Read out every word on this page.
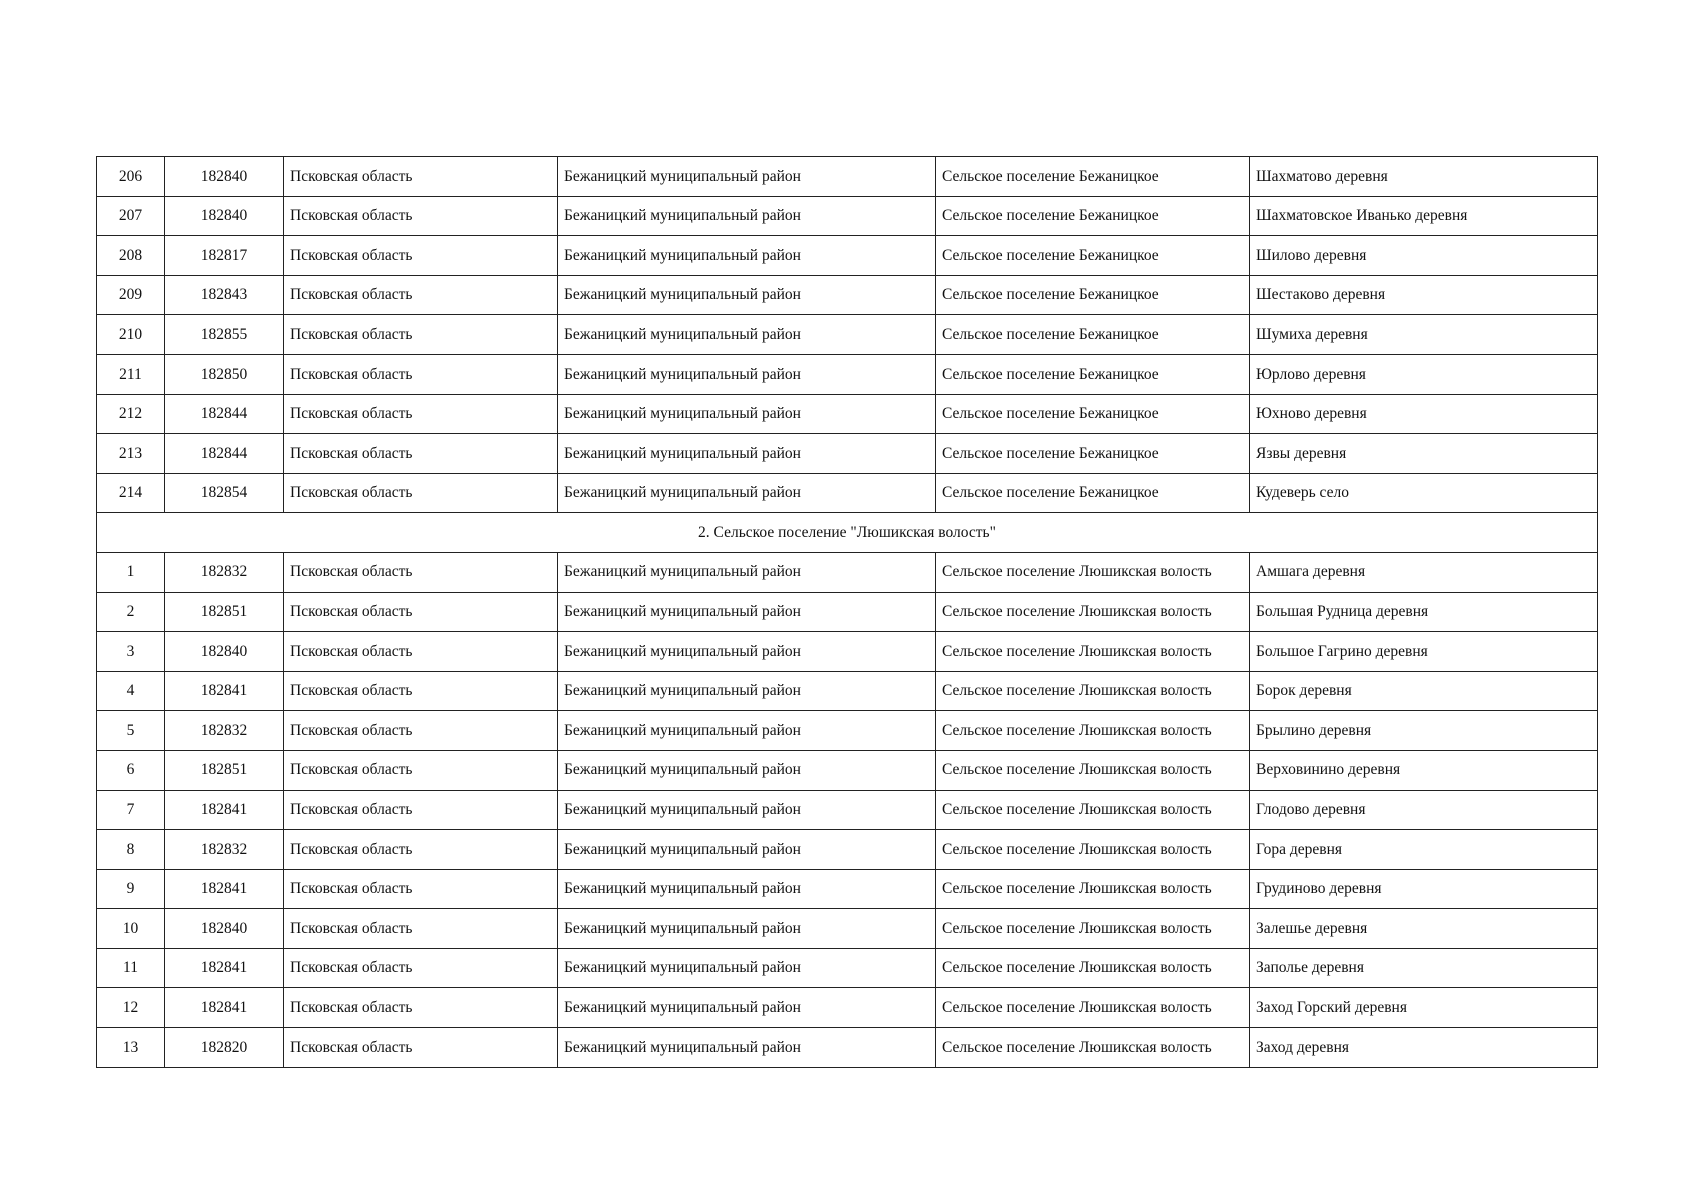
206	182840	Псковская область	Бежаницкий муниципальный район	Сельское поселение Бежаницкое	Шахматово деревня
207	182840	Псковская область	Бежаницкий муниципальный район	Сельское поселение Бежаницкое	Шахматовское Иванько деревня
208	182817	Псковская область	Бежаницкий муниципальный район	Сельское поселение Бежаницкое	Шилово деревня
209	182843	Псковская область	Бежаницкий муниципальный район	Сельское поселение Бежаницкое	Шестаково деревня
210	182855	Псковская область	Бежаницкий муниципальный район	Сельское поселение Бежаницкое	Шумиха деревня
211	182850	Псковская область	Бежаницкий муниципальный район	Сельское поселение Бежаницкое	Юрлово деревня
212	182844	Псковская область	Бежаницкий муниципальный район	Сельское поселение Бежаницкое	Юхново деревня
213	182844	Псковская область	Бежаницкий муниципальный район	Сельское поселение Бежаницкое	Язвы деревня
214	182854	Псковская область	Бежаницкий муниципальный район	Сельское поселение Бежаницкое	Кудеверь село
2. Сельское поселение "Люшикская волость"					
1	182832	Псковская область	Бежаницкий муниципальный район	Сельское поселение Люшикская волость	Амшага деревня
2	182851	Псковская область	Бежаницкий муниципальный район	Сельское поселение Люшикская волость	Большая Рудница деревня
3	182840	Псковская область	Бежаницкий муниципальный район	Сельское поселение Люшикская волость	Большое Гагрино деревня
4	182841	Псковская область	Бежаницкий муниципальный район	Сельское поселение Люшикская волость	Борок деревня
5	182832	Псковская область	Бежаницкий муниципальный район	Сельское поселение Люшикская волость	Брылино деревня
6	182851	Псковская область	Бежаницкий муниципальный район	Сельское поселение Люшикская волость	Верховинино деревня
7	182841	Псковская область	Бежаницкий муниципальный район	Сельское поселение Люшикская волость	Глодово деревня
8	182832	Псковская область	Бежаницкий муниципальный район	Сельское поселение Люшикская волость	Гора деревня
9	182841	Псковская область	Бежаницкий муниципальный район	Сельское поселение Люшикская волость	Грудиново деревня
10	182840	Псковская область	Бежаницкий муниципальный район	Сельское поселение Люшикская волость	Залешье деревня
11	182841	Псковская область	Бежаницкий муниципальный район	Сельское поселение Люшикская волость	Заполье деревня
12	182841	Псковская область	Бежаницкий муниципальный район	Сельское поселение Люшикская волость	Заход Горский деревня
13	182820	Псковская область	Бежаницкий муниципальный район	Сельское поселение Люшикская волость	Заход деревня
